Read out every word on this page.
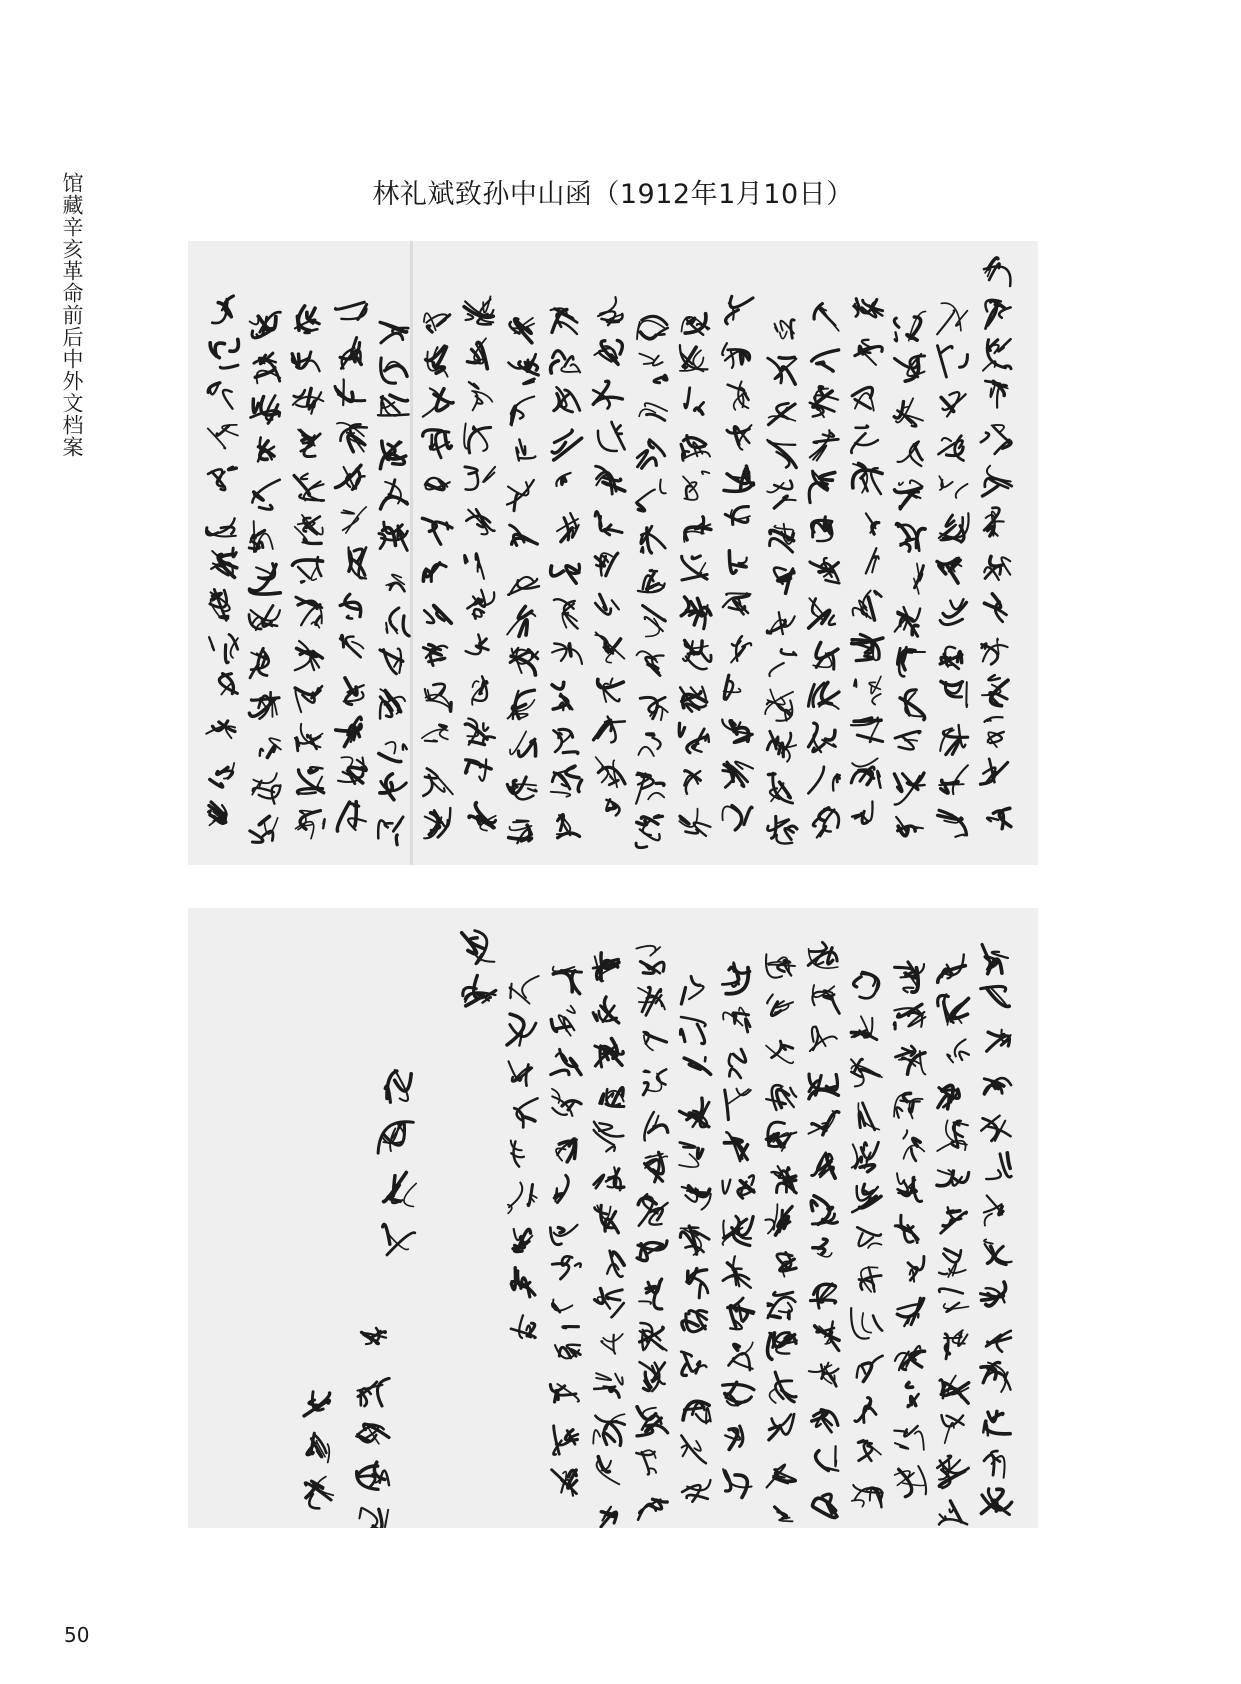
馆藏辛亥革命前后中外文档案	林礼斌致孙中山函（1912年1月10日）
50
